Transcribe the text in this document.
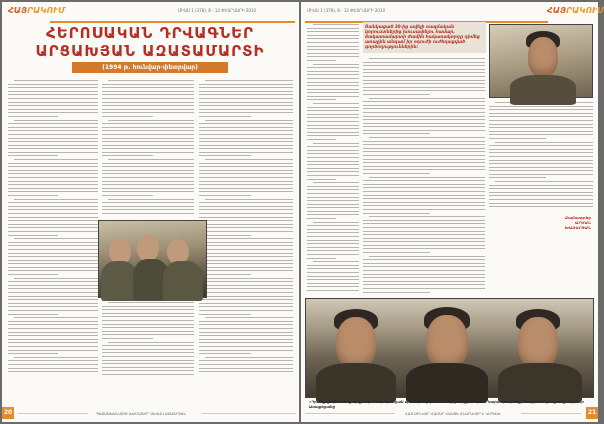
ՀԱՅՐԱԿՈՒՄ	ՄԻԱՍ 1 (378), 8 - 12 ՓԵՏՐՎԱՐԻ 2010
ՀԵՐՈՍԱԿԱՆ ԴՐՎԱԳՆԵՐ
ԱՐՑԱԽՅԱՆ ԱԶԱՏԱՄԱՐՏԻ
(1994 թ. հունվար-փետրվար)
20	ՊԱՏԱՍԽԱՆԱՏՈՒ ԽՄԲԱԳԻՐ՝ ՍԵՎԱԿ ԱՍԱՏՐՅԱՆ
ՄԻԱՍ 1 (378), 8 - 12 ՓԵՏՐՎԱՐԻ 2010	ՀԱՅՐԱԿՈՒՄ
Ցանկացած 30-ից ավելի ռազմական կորուստներից խուսափելու համար, ճակատամարտի ժամին հակառակորդը դիմեց առաջին անգամ իր օդուժի ուժեղացված գործողություններին:
Ձայնագրեց
ԱՐՄԱՆ ԽԱԶԱՐՅԱՆ
«Դրանք ընդհամենը մի քանի» Ղարաբաղյան պատերազմի մասնակիցները, Վեհրամ Կարապետյանը, Վազգեն Մկրտչյանը, Արթուր Առաքելյանը
ՀԱՅ ԶԻՆՎՈՐ ՀԱՄԱՐ ՀԱՍՑԵ ՀՆԱՐԱՎՈՐ Է ԿԱՊՎԵԼ	21
